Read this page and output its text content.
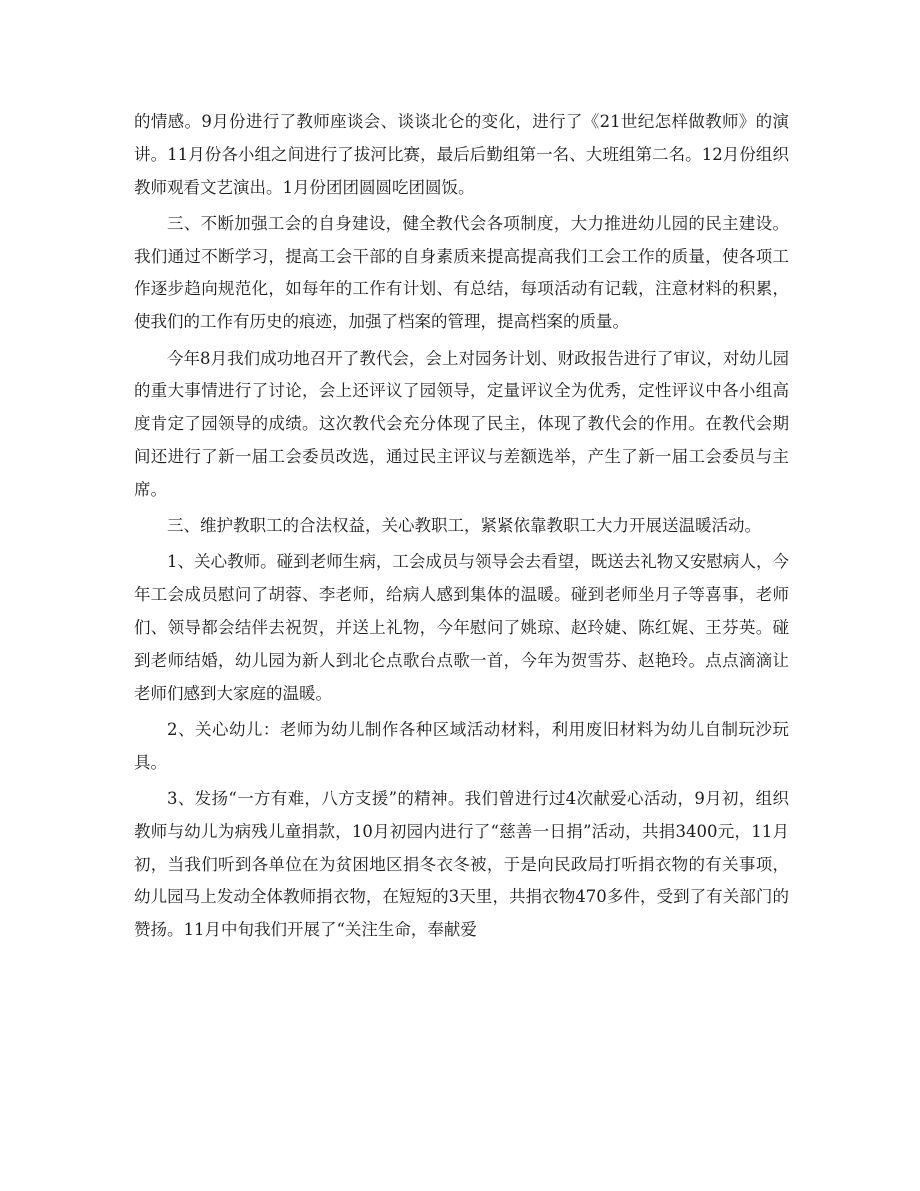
的情感。9月份进行了教师座谈会、谈谈北仑的变化，进行了《21世纪怎样做教师》的演讲。11月份各小组之间进行了拔河比赛，最后后勤组第一名、大班组第二名。12月份组织教师观看文艺演出。1月份团团圆圆吃团圆饭。

三、不断加强工会的自身建设，健全教代会各项制度，大力推进幼儿园的民主建设。我们通过不断学习，提高工会干部的自身素质来提高提高我们工会工作的质量，使各项工作逐步趋向规范化，如每年的工作有计划、有总结，每项活动有记载，注意材料的积累，使我们的工作有历史的痕迹，加强了档案的管理，提高档案的质量。

今年8月我们成功地召开了教代会，会上对园务计划、财政报告进行了审议，对幼儿园的重大事情进行了讨论，会上还评议了园领导，定量评议全为优秀，定性评议中各小组高度肯定了园领导的成绩。这次教代会充分体现了民主，体现了教代会的作用。在教代会期间还进行了新一届工会委员改选，通过民主评议与差额选举，产生了新一届工会委员与主席。

三、维护教职工的合法权益，关心教职工，紧紧依靠教职工大力开展送温暖活动。

1、关心教师。碰到老师生病，工会成员与领导会去看望，既送去礼物又安慰病人，今年工会成员慰问了胡蓉、李老师，给病人感到集体的温暖。碰到老师坐月子等喜事，老师们、领导都会结伴去祝贺，并送上礼物，今年慰问了姚琼、赵玲婕、陈红娓、王芬英。碰到老师结婚，幼儿园为新人到北仑点歌台点歌一首，今年为贺雪芬、赵艳玲。点点滴滴让老师们感到大家庭的温暖。

2、关心幼儿：老师为幼儿制作各种区域活动材料，利用废旧材料为幼儿自制玩沙玩具。

3、发扬“一方有难，八方支援”的精神。我们曾进行过4次献爱心活动，9月初，组织教师与幼儿为病残儿童捐款，10月初园内进行了“慈善一日捐”活动，共捐3400元，11月初，当我们听到各单位在为贫困地区捐冬衣冬被，于是向民政局打听捐衣物的有关事项，幼儿园马上发动全体教师捐衣物，在短短的3天里，共捐衣物470多件，受到了有关部门的赞扬。11月中旬我们开展了“关注生命，奉献爱
